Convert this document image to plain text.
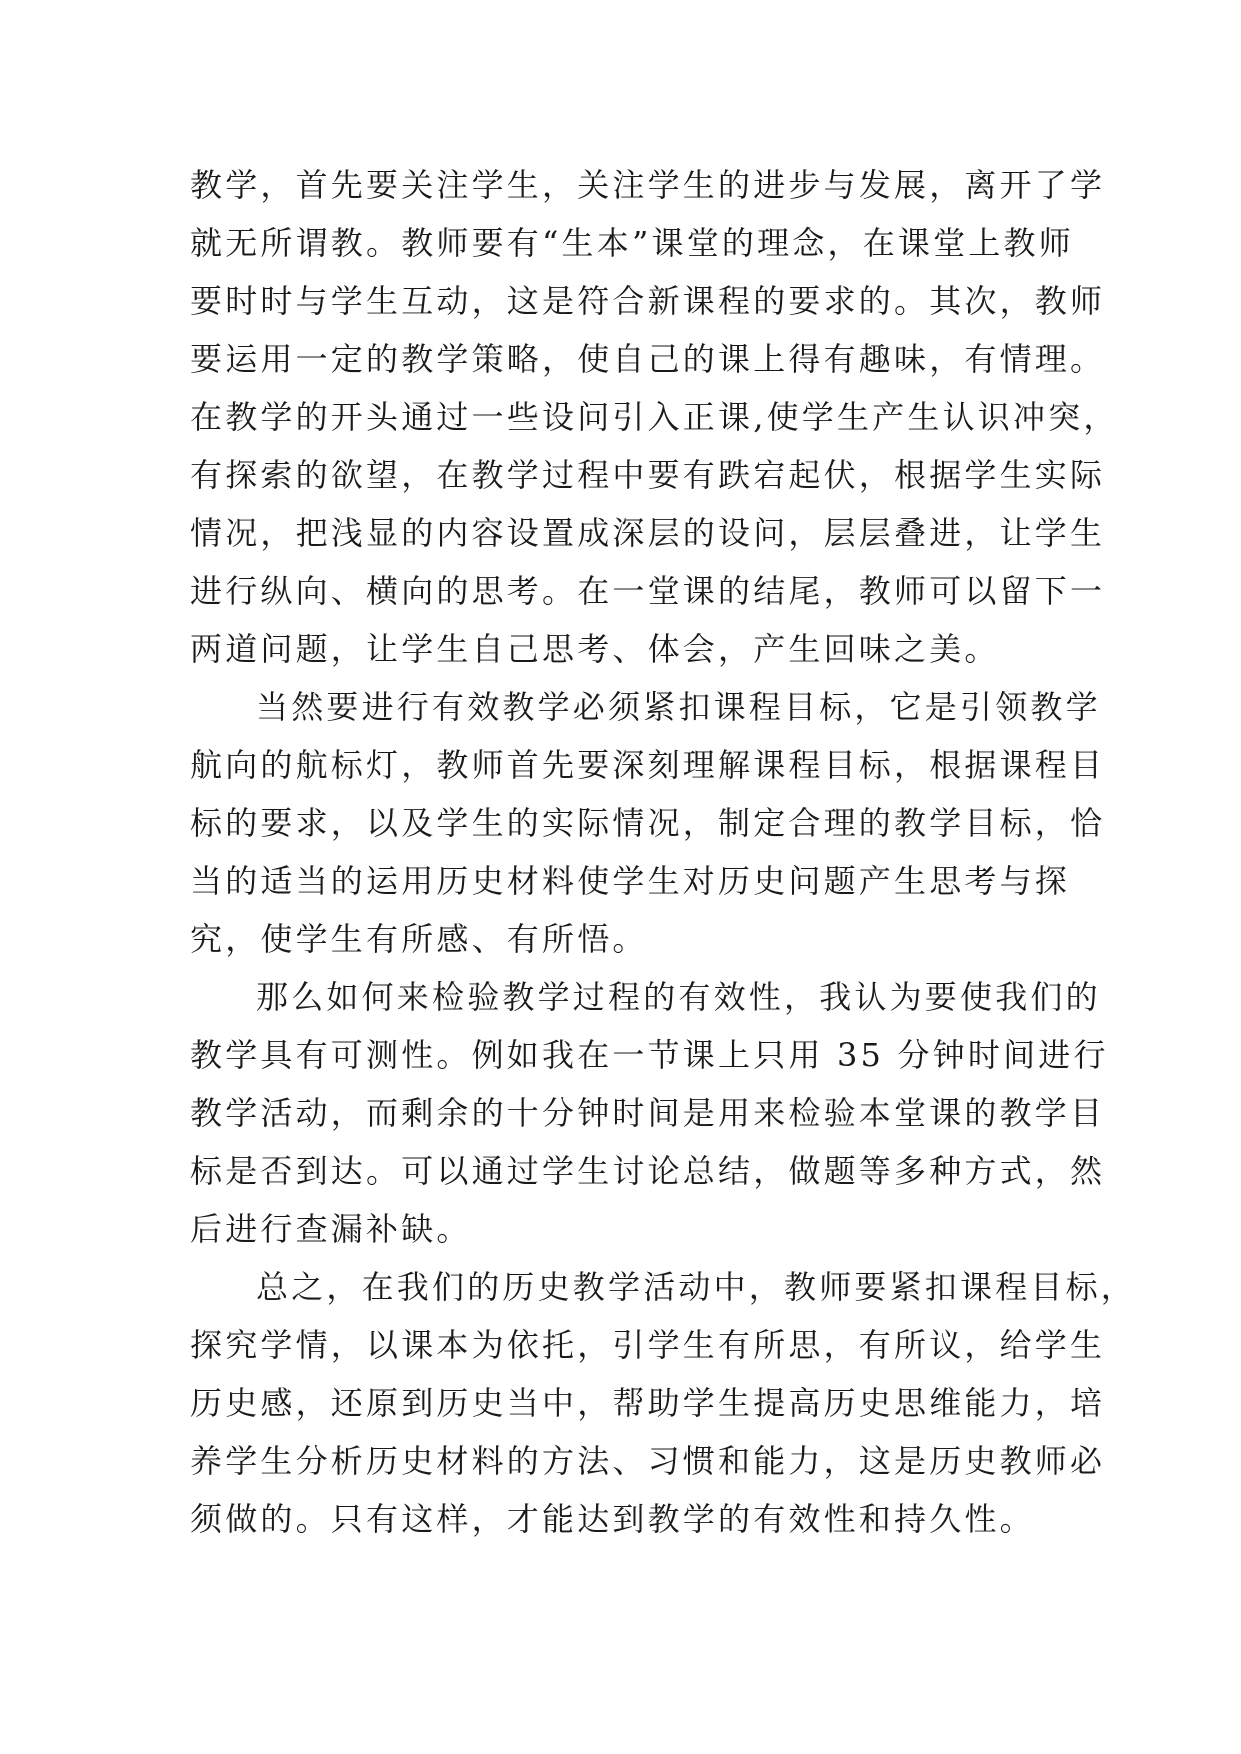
教学，首先要关注学生，关注学生的进步与发展，离开了学
就无所谓教。教师要有“生本”课堂的理念，在课堂上教师
要时时与学生互动，这是符合新课程的要求的。其次，教师
要运用一定的教学策略，使自己的课上得有趣味，有情理。
在教学的开头通过一些设问引入正课,使学生产生认识冲突，
有探索的欲望，在教学过程中要有跌宕起伏，根据学生实际
情况，把浅显的内容设置成深层的设问，层层叠进，让学生
进行纵向、横向的思考。在一堂课的结尾，教师可以留下一
两道问题，让学生自己思考、体会，产生回味之美。
当然要进行有效教学必须紧扣课程目标，它是引领教学
航向的航标灯，教师首先要深刻理解课程目标，根据课程目
标的要求，以及学生的实际情况，制定合理的教学目标，恰
当的适当的运用历史材料使学生对历史问题产生思考与探
究，使学生有所感、有所悟。
那么如何来检验教学过程的有效性，我认为要使我们的
教学具有可测性。例如我在一节课上只用 35 分钟时间进行
教学活动，而剩余的十分钟时间是用来检验本堂课的教学目
标是否到达。可以通过学生讨论总结，做题等多种方式，然
后进行查漏补缺。
总之，在我们的历史教学活动中，教师要紧扣课程目标，
探究学情，以课本为依托，引学生有所思，有所议，给学生
历史感，还原到历史当中，帮助学生提高历史思维能力，培
养学生分析历史材料的方法、习惯和能力，这是历史教师必
须做的。只有这样，才能达到教学的有效性和持久性。
